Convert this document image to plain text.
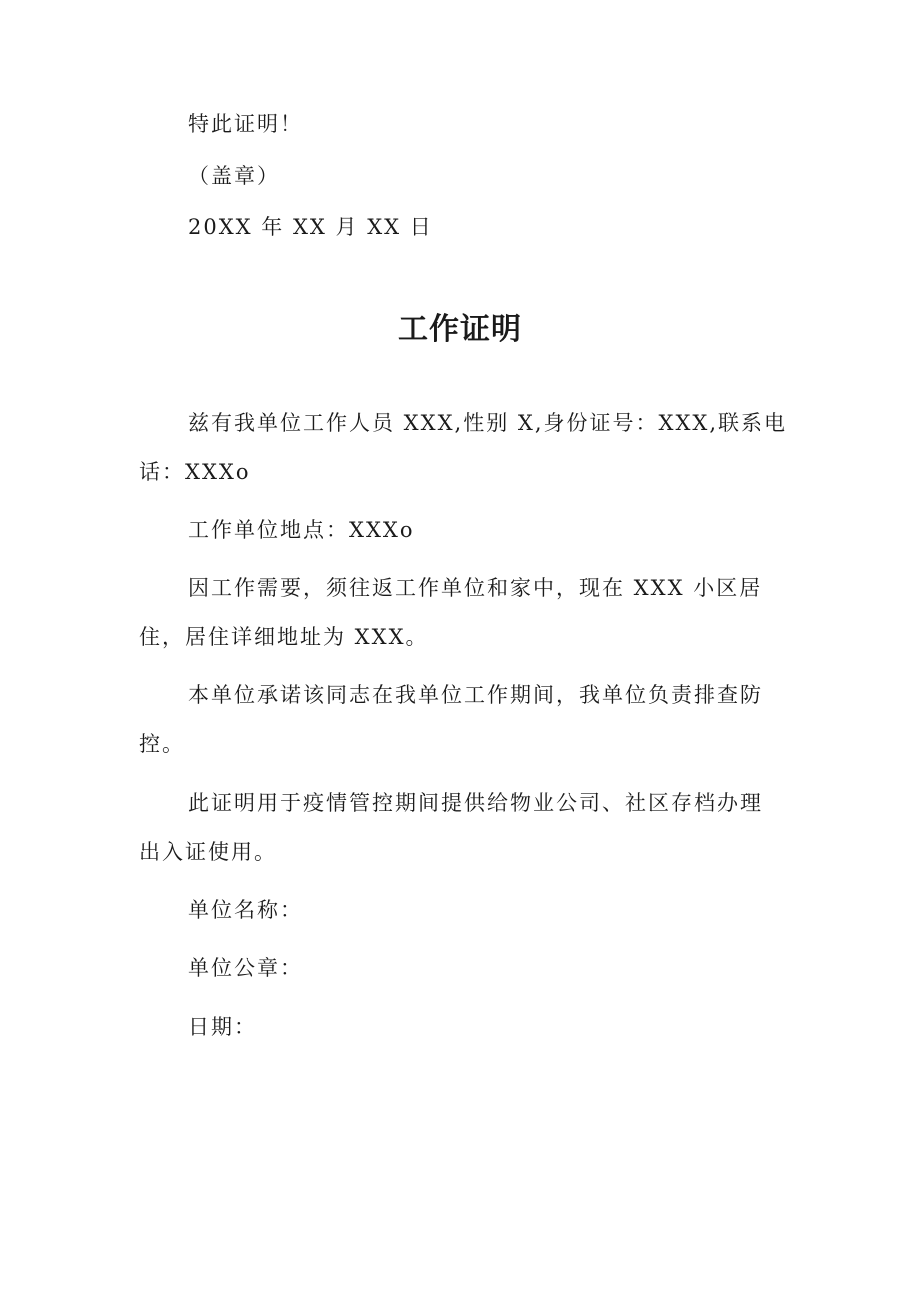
特此证明！
（盖章）
20XX 年 XX 月 XX 日
工作证明
兹有我单位工作人员 XXX,性别 X,身份证号：XXX,联系电
话：XXXo
工作单位地点：XXXo
因工作需要，须往返工作单位和家中，现在 XXX 小区居
住，居住详细地址为 XXX。
本单位承诺该同志在我单位工作期间，我单位负责排查防
控。
此证明用于疫情管控期间提供给物业公司、社区存档办理
出入证使用。
单位名称：
单位公章：
日期：
